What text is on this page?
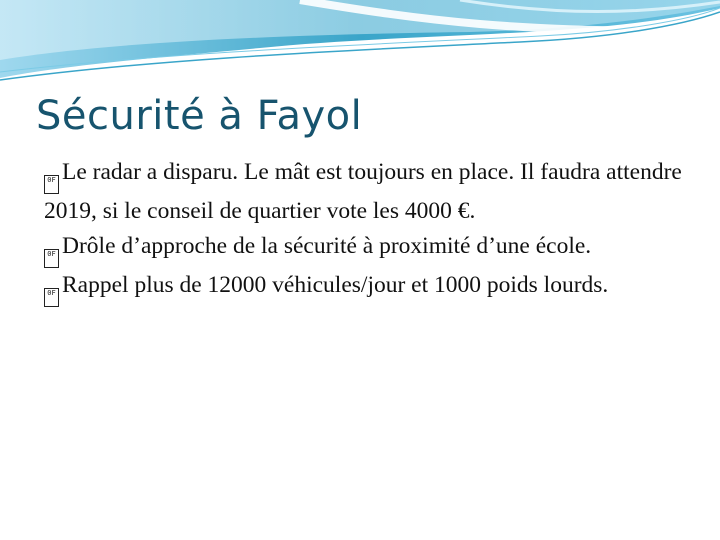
Sécurité à Fayol
0F Le radar a disparu. Le mât est toujours en place. Il faudra attendre 2019, si le conseil de quartier vote les 4000 €.
0F Drôle d’approche de la sécurité à proximité d’une école.
0F Rappel plus de 12000 véhicules/jour et 1000 poids lourds.
